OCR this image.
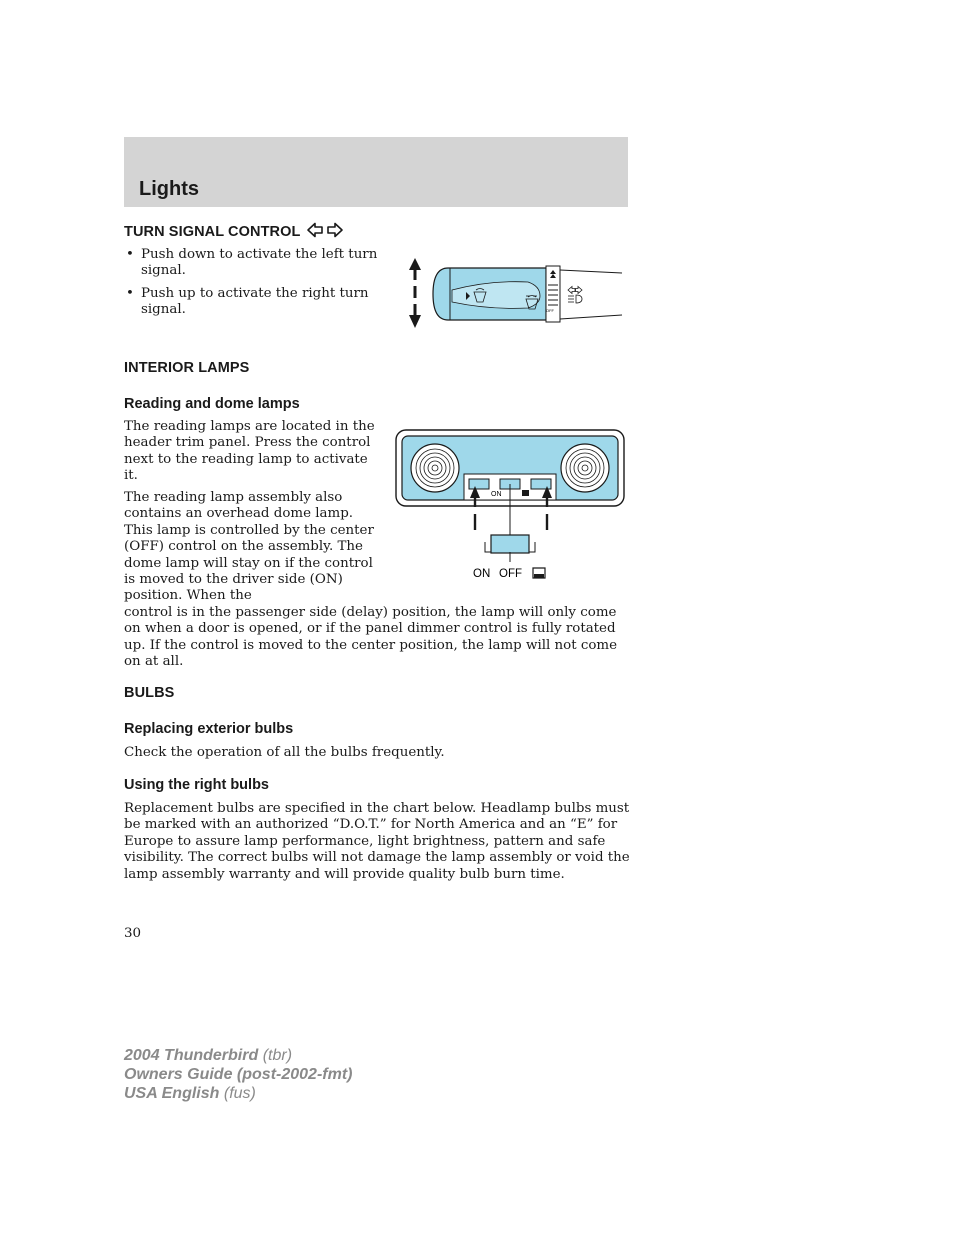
Lights
TURN SIGNAL CONTROL
• Push down to activate the left turn signal.
• Push up to activate the right turn signal.	OFF
INTERIOR LAMPS
Reading and dome lamps

The reading lamps are located in the header trim panel. Press the control next to the reading lamp to activate it.

The reading lamp assembly also contains an overhead dome lamp. This lamp is controlled by the center (OFF) control on the assembly. The dome lamp will stay on if the control is moved to the driver side (ON) position. When the

control is in the passenger side (delay) position, the lamp will only come on when a door is opened, or if the panel dimmer control is fully rotated up. If the control is moved to the center position, the lamp will not come on at all.

ON
ON OFF
BULBS
Replacing exterior bulbs

Check the operation of all the bulbs frequently.

Using the right bulbs

Replacement bulbs are specified in the chart below. Headlamp bulbs must be marked with an authorized “D.O.T.” for North America and an “E” for Europe to assure lamp performance, light brightness, pattern and safe visibility. The correct bulbs will not damage the lamp assembly or void the lamp assembly warranty and will provide quality bulb burn time.

30
2004 Thunderbird (tbr)
Owners Guide (post-2002-fmt)
USA English (fus)
